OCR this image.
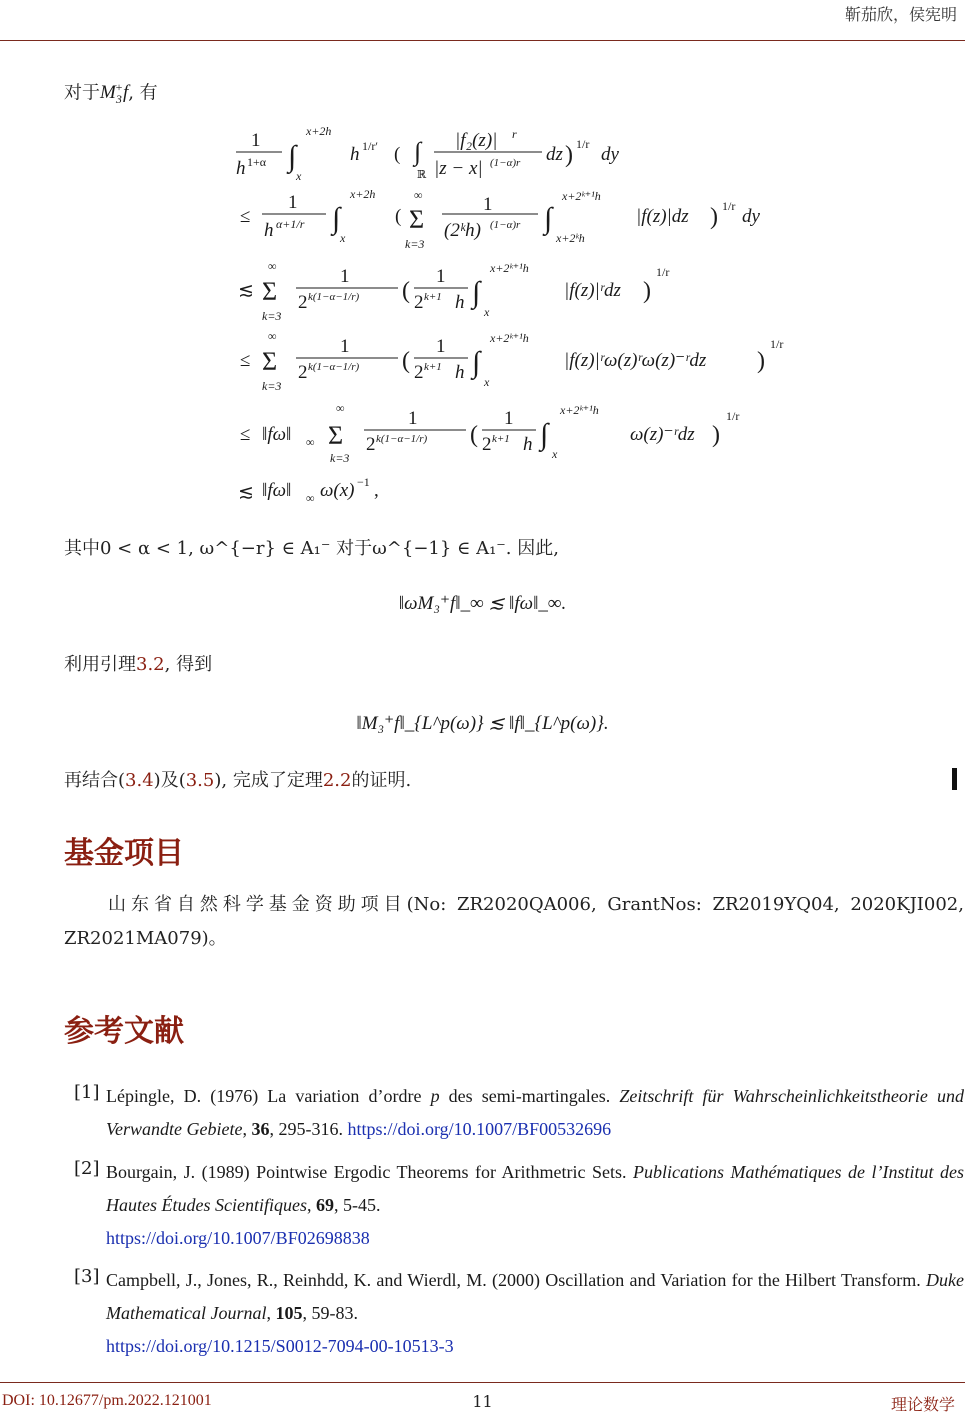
靳茄欣，侯宪明
对于$M_3^+f$, 有
1
h 1+α ∫
x+2h
x
h 1/r′ ( ∫
ℝ
|f₂(z)| r
|z − x| (1−α)r dz ) 1/r dy
≤
1
h α+1/r ∫
x+2h
x
( Σ
∞
k=3
1
(2ᵏh) (1−α)r ∫
x+2ᵏ⁺¹h
x+2ᵏh
|f(z)|dz ) 1/r dy
≲ Σ
∞
k=3
1
2 k(1−α−1/r) (
1
2 k+1 h ∫
x+2ᵏ⁺¹h
x
|f(z)|ʳdz )
1/r
≤ Σ
∞
k=3
1
2 k(1−α−1/r) (
1
2 k+1 h ∫
x+2ᵏ⁺¹h
x
|f(z)|ʳω(z)ʳω(z)⁻ʳdz )
1/r
≤ ‖fω‖ ∞ Σ
∞
k=3
1
2 k(1−α−1/r) (
1
2 k+1 h ∫
x+2ᵏ⁺¹h
x
ω(z)⁻ʳdz )
1/r
≲ ‖fω‖ ∞ ω(x) −1 ,
其中0 < α < 1, ω^{−r} ∈ A₁⁻ 对于ω^{−1} ∈ A₁⁻. 因此,
‖ωM₃⁺f‖_∞ ≲ ‖fω‖_∞.
利用引理3.2, 得到
‖M₃⁺f‖_{L^p(ω)} ≲ ‖f‖_{L^p(ω)}.
再结合(3.4)及(3.5), 完成了定理2.2的证明.
基金项目
山东省自然科学基金资助项目(No: ZR2020QA006, GrantNos: ZR2019YQ04, 2020KJI002, ZR2021MA079)。
参考文献
[1] Lépingle, D. (1976) La variation d’ordre p des semi-martingales. Zeitschrift für Wahrscheinlichkeitstheorie und Verwandte Gebiete, 36, 295-316. https://doi.org/10.1007/BF00532696
[2] Bourgain, J. (1989) Pointwise Ergodic Theorems for Arithmetric Sets. Publications Mathématiques de l’Institut des Hautes Études Scientifiques, 69, 5-45.
https://doi.org/10.1007/BF02698838
[3] Campbell, J., Jones, R., Reinhdd, K. and Wierdl, M. (2000) Oscillation and Variation for the Hilbert Transform. Duke Mathematical Journal, 105, 59-83.
https://doi.org/10.1215/S0012-7094-00-10513-3
DOI: 10.12677/pm.2022.121001	11	理论数学
